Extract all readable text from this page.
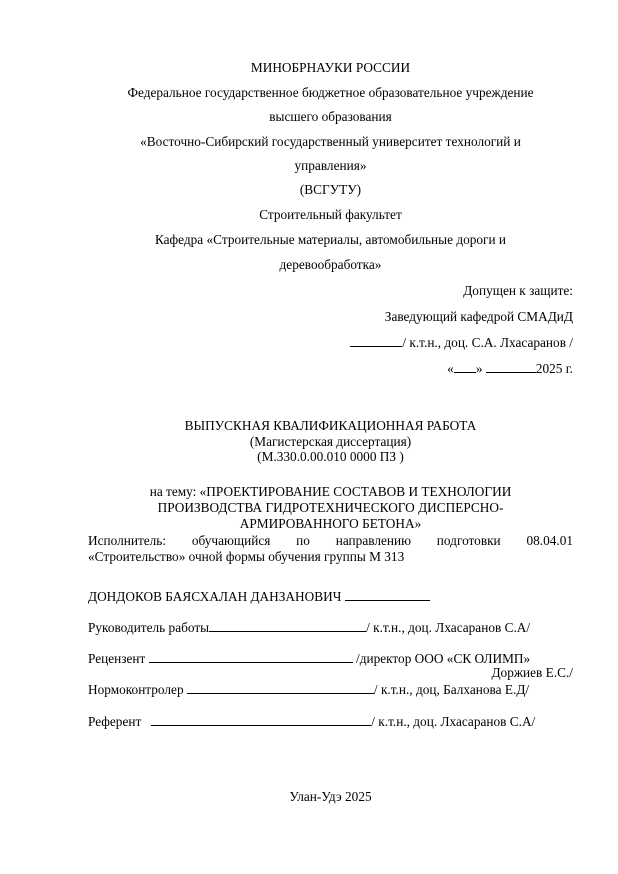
МИНОБРНАУКИ РОССИИ
Федеральное государственное бюджетное образовательное учреждение
высшего образования
«Восточно-Сибирский государственный университет технологий и
управления»
(ВСГУТУ)
Строительный факультет
Кафедра «Строительные материалы, автомобильные дороги и
деревообработка»
Допущен к защите:
Заведующий кафедрой СМАДиД
/ к.т.н., доц. С.А. Лхасаранов /
« »	2025 г.
ВЫПУСКНАЯ КВАЛИФИКАЦИОННАЯ РАБОТА
(Магистерская диссертация)
(М.330.0.00.010 0000 ПЗ )
на тему: «ПРОЕКТИРОВАНИЕ СОСТАВОВ И ТЕХНОЛОГИИ
ПРОИЗВОДСТВА ГИДРОТЕХНИЧЕСКОГО ДИСПЕРСНО-
АРМИРОВАННОГО БЕТОНА»
Исполнитель: обучающийся по направлению подготовки 08.04.01
«Строительство» очной формы обучения группы М 313
ДОНДОКОВ БАЯСХАЛАН ДАНЗАНОВИЧ
Руководитель работы	/ к.т.н., доц. Лхасаранов С.А/
Рецензент	/директор ООО «СК ОЛИМП»
Доржиев Е.С./
Нормоконтролер	/ к.т.н., доц, Балханова Е.Д/
Референт	/ к.т.н., доц. Лхасаранов С.А/
Улан-Удэ 2025
